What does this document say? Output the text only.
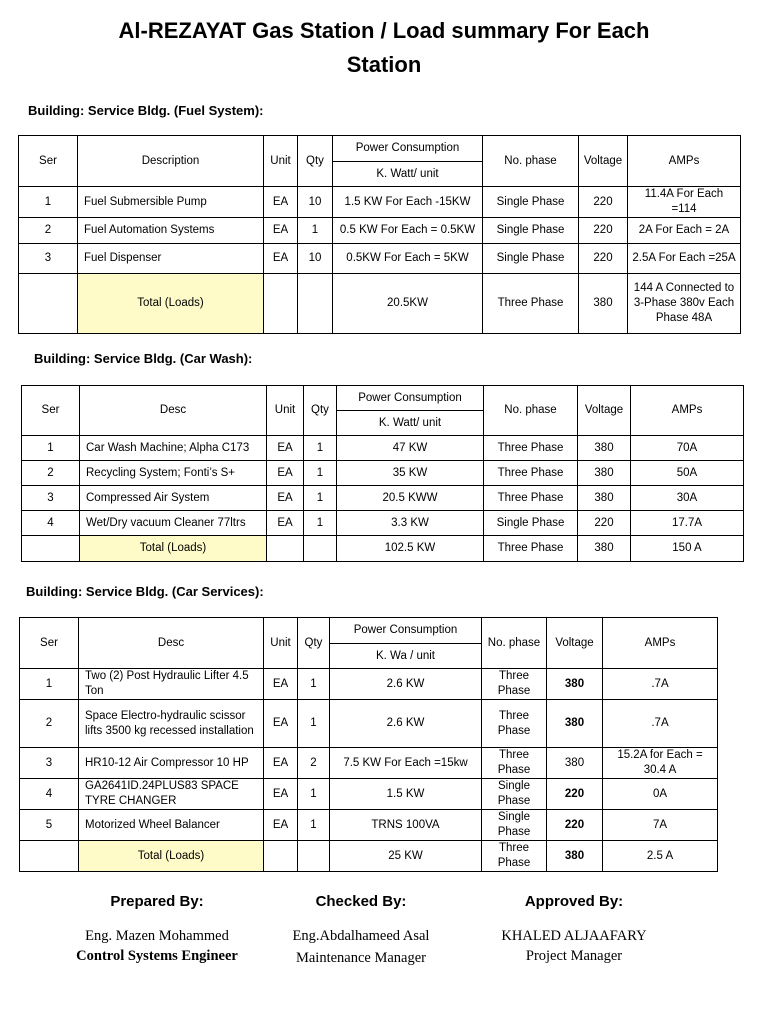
Al-REZAYAT Gas Station / Load summary For Each
Station
Building: Service Bldg. (Fuel System):
Ser	Description	Unit	Qty	Power Consumption	No. phase	Voltage	AMPs
				K. Watt/ unit			
1	Fuel Submersible Pump	EA	10	1.5 KW For Each -15KW	Single Phase	220	11.4A For Each =114
2	Fuel Automation Systems	EA	1	0.5 KW For Each = 0.5KW	Single Phase	220	2A For Each = 2A
3	Fuel Dispenser	EA	10	0.5KW For Each = 5KW	Single Phase	220	2.5A For Each =25A
	Total (Loads)			20.5KW	Three Phase	380	144 A Connected to 3-Phase 380v Each Phase 48A
Building: Service Bldg. (Car Wash):
Ser	Desc	Unit	Qty	Power Consumption	No. phase	Voltage	AMPs
				K. Watt/ unit			
1	Car Wash Machine; Alpha C173	EA	1	47 KW	Three Phase	380	70A
2	Recycling System; Fonti’s S+	EA	1	35 KW	Three Phase	380	50A
3	Compressed Air System	EA	1	20.5 KWW	Three Phase	380	30A
4	Wet/Dry vacuum Cleaner 77ltrs	EA	1	3.3 KW	Single Phase	220	17.7A
	Total (Loads)			102.5 KW	Three Phase	380	150 A
Building: Service Bldg. (Car Services):
Ser	Desc	Unit	Qty	Power Consumption	No. phase	Voltage	AMPs
				K. Wa / unit			
1	Two (2) Post Hydraulic Lifter 4.5 Ton	EA	1	2.6 KW	Three Phase	380	.7A
2	Space Electro-hydraulic scissor lifts 3500 kg recessed installation	EA	1	2.6 KW	Three Phase	380	.7A
3	HR10-12 Air Compressor 10 HP	EA	2	7.5 KW For Each =15kw	Three Phase	380	15.2A for Each = 30.4 A
4	GA2641ID.24PLUS83 SPACE TYRE CHANGER	EA	1	1.5 KW	Single Phase	220	0A
5	Motorized Wheel Balancer	EA	1	TRNS 100VA	Single Phase	220	7A
	Total (Loads)			25 KW	Three Phase	380	2.5 A
Prepared By:
Eng. Mazen Mohammed
Control Systems Engineer
Checked By:
Eng.Abdalhameed Asal
Maintenance Manager
Approved By:
KHALED ALJAAFARY
Project Manager
